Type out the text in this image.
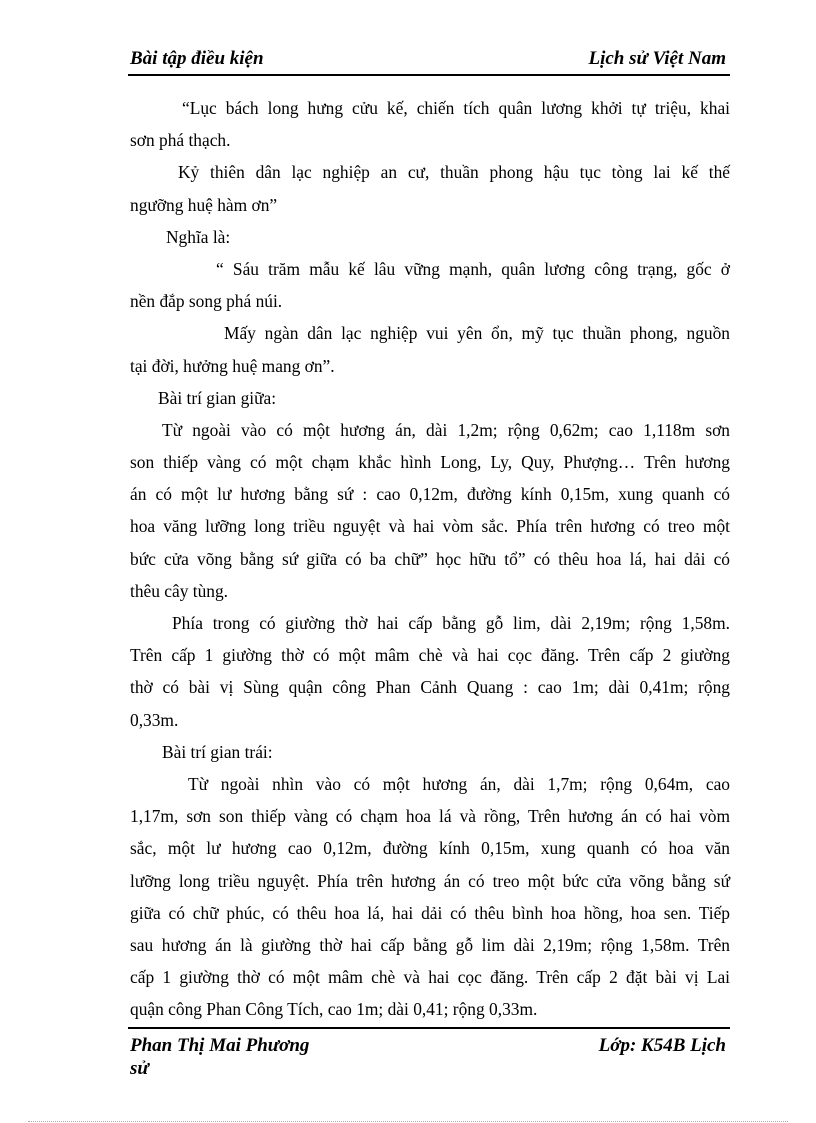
Bài tập điều kiện	Lịch sử Việt Nam
“Lục bách long hưng cửu kế, chiến tích quân lương khởi tự triệu, khai
sơn phá thạch.
Kỷ thiên dân lạc nghiệp an cư, thuần phong hậu tục tòng lai kế thế
ngưỡng huệ hàm ơn”
Nghĩa là:
“ Sáu trăm mẫu kế lâu vững mạnh, quân lương công trạng, gốc ở
nền đắp song phá núi.
Mấy ngàn dân lạc nghiệp vui yên ổn, mỹ tục thuần phong, nguồn
tại đời, hưởng huệ mang ơn”.
Bài trí gian giữa:
Từ ngoài vào có một hương án, dài 1,2m; rộng 0,62m; cao 1,118m sơn
son thiếp vàng có một chạm khắc hình Long, Ly, Quy, Phượng… Trên hương
án có một lư hương bằng sứ : cao 0,12m, đường kính 0,15m, xung quanh có
hoa văng lưỡng long triều nguyệt và hai vòm sắc. Phía trên hương có treo một
bức cửa võng bằng sứ giữa có ba chữ” học hữu tổ” có thêu hoa lá, hai dải có
thêu cây tùng.
Phía trong có giường thờ hai cấp bằng gỗ lim, dài 2,19m; rộng 1,58m.
Trên cấp 1 giường thờ có một mâm chè và hai cọc đăng. Trên cấp 2 giường
thờ có bài vị Sùng quận công Phan Cảnh Quang : cao 1m; dài 0,41m; rộng
0,33m.
Bài trí gian trái:
Từ ngoài nhìn vào có một hương án, dài 1,7m; rộng 0,64m, cao
1,17m, sơn son thiếp vàng có chạm hoa lá và rồng, Trên hương án có hai vòm
sắc, một lư hương cao 0,12m, đường kính 0,15m, xung quanh có hoa văn
lưỡng long triều nguyệt. Phía trên hương án có treo một bức cửa võng bằng sứ
giữa có chữ phúc, có thêu hoa lá, hai dải có thêu bình hoa hồng, hoa sen. Tiếp
sau hương án là giường thờ hai cấp bằng gỗ lim dài 2,19m; rộng 1,58m. Trên
cấp 1 giường thờ có một mâm chè và hai cọc đăng. Trên cấp 2 đặt bài vị Lai
quận công Phan Công Tích, cao 1m; dài 0,41; rộng 0,33m.
Phan Thị Mai Phương sử
Lớp: K54B Lịch
